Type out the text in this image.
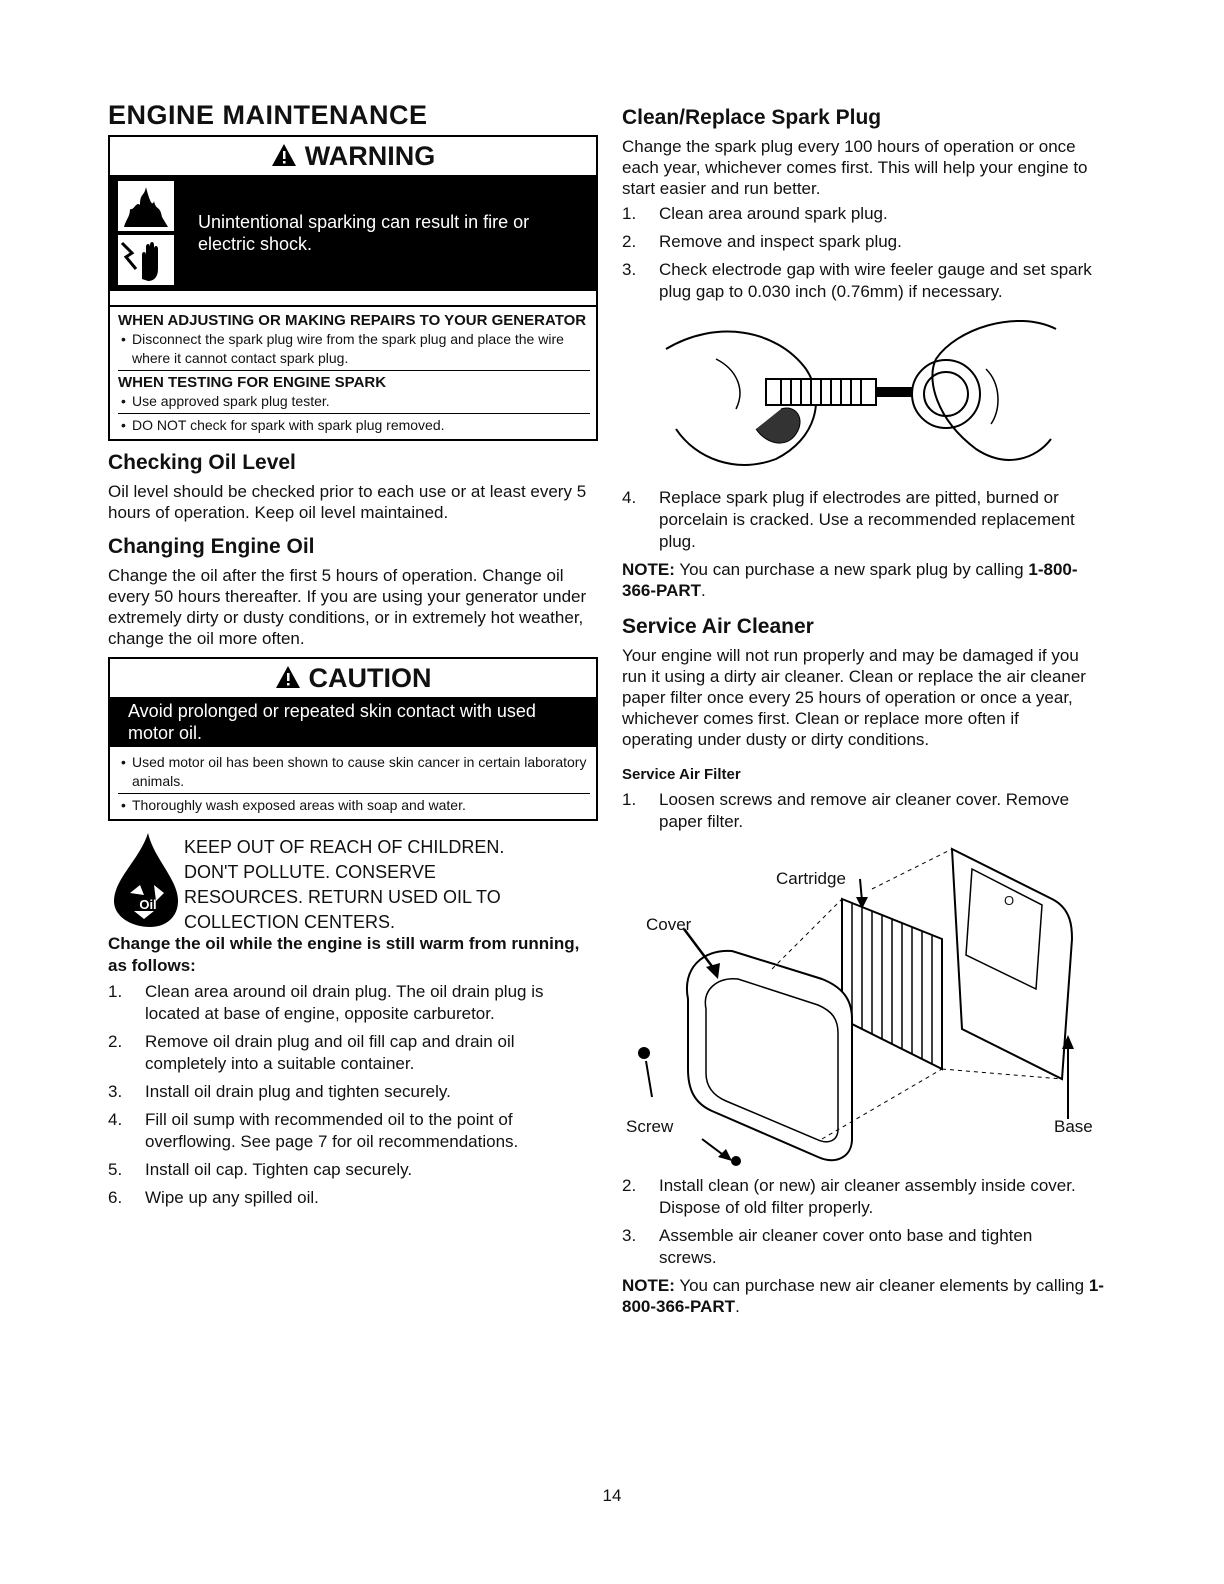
ENGINE MAINTENANCE
WARNING
Unintentional sparking can result in fire or electric shock.

WHEN ADJUSTING OR MAKING REPAIRS TO YOUR GENERATOR

• Disconnect the spark plug wire from the spark plug and place the wire where it cannot contact spark plug.

WHEN TESTING FOR ENGINE SPARK

• Use approved spark plug tester.

• DO NOT check for spark with spark plug removed.

Checking Oil Level

Oil level should be checked prior to each use or at least every 5 hours of operation. Keep oil level maintained.

Changing Engine Oil

Change the oil after the first 5 hours of operation. Change oil every 50 hours thereafter. If you are using your generator under extremely dirty or dusty conditions, or in extremely hot weather, change the oil more often.

CAUTION
Avoid prolonged or repeated skin contact with used motor oil.

• Used motor oil has been shown to cause skin cancer in certain laboratory animals.

• Thoroughly wash exposed areas with soap and water.

Oil

KEEP OUT OF REACH OF CHILDREN. DON'T POLLUTE. CONSERVE RESOURCES. RETURN USED OIL TO COLLECTION CENTERS.

Change the oil while the engine is still warm from running, as follows:

1.	Clean area around oil drain plug. The oil drain plug is located at base of engine, opposite carburetor.
2.	Remove oil drain plug and oil fill cap and drain oil completely into a suitable container.
3.	Install oil drain plug and tighten securely.
4.	Fill oil sump with recommended oil to the point of overflowing. See page 7 for oil recommendations.
5.	Install oil cap. Tighten cap securely.
6.	Wipe up any spilled oil.
Clean/Replace Spark Plug

Change the spark plug every 100 hours of operation or once each year, whichever comes first. This will help your engine to start easier and run better.

1.	Clean area around spark plug.
2.	Remove and inspect spark plug.
3.	Check electrode gap with wire feeler gauge and set spark plug gap to 0.030 inch (0.76mm) if necessary.
4.	Replace spark plug if electrodes are pitted, burned or porcelain is cracked. Use a recommended replacement plug.

NOTE: You can purchase a new spark plug by calling 1-800-366-PART.

Service Air Cleaner

Your engine will not run properly and may be damaged if you run it using a dirty air cleaner. Clean or replace the air cleaner paper filter once every 25 hours of operation or once a year, whichever comes first. Clean or replace more often if operating under dusty or dirty conditions.

Service Air Filter

1.	Loosen screws and remove air cleaner cover. Remove paper filter.
Cartridge
Cover
Screw	Base
O
2.	Install clean (or new) air cleaner assembly inside cover. Dispose of old filter properly.
3.	Assemble air cleaner cover onto base and tighten screws.

NOTE: You can purchase new air cleaner elements by calling 1-800-366-PART.

14
